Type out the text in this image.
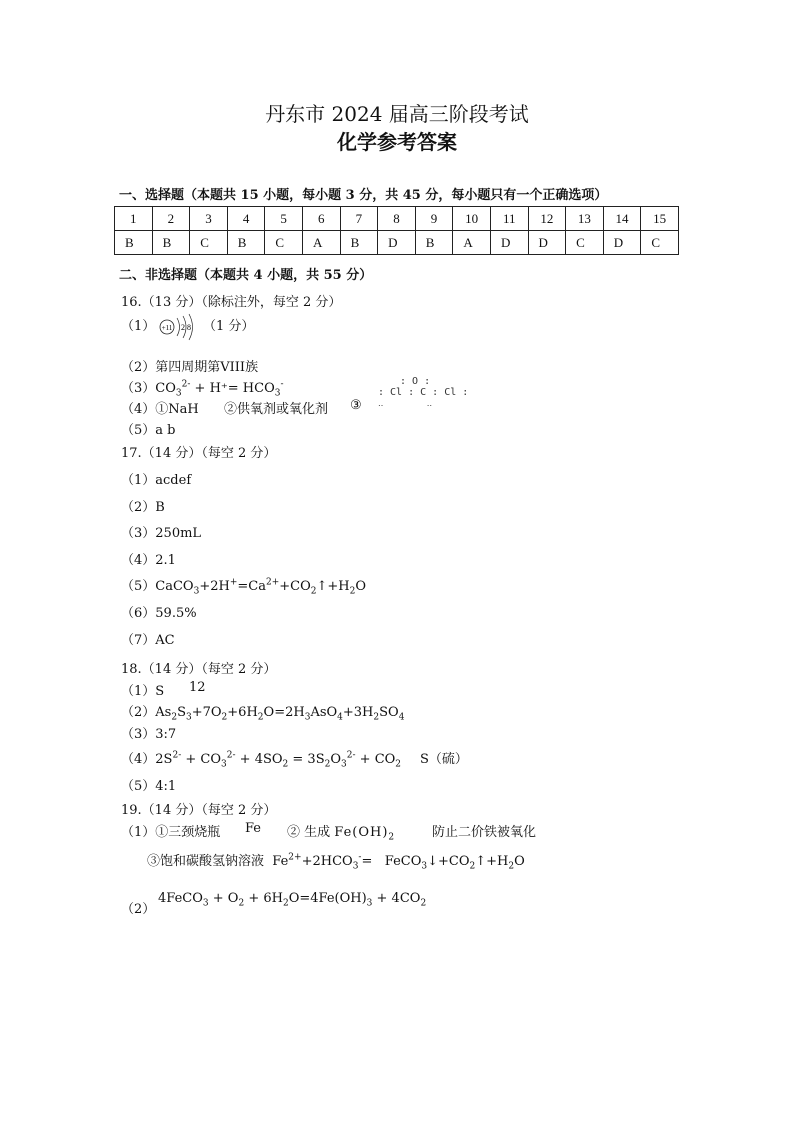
丹东市 2024 届高三阶段考试
化学参考答案
一、选择题（本题共 15 小题，每小题 3 分，共 45 分，每小题只有一个正确选项）
1	2	3	4	5	6	7	8	9	10	11	12	13	14	15
B	B	C	B	C	A	B	D	B	A	D	D	C	D	C
二、非选择题（本题共 4 小题，共 55 分）
16.（13 分）（除标注外，每空 2 分）
（1） +11 2 8 （1 分）
（2）第四周期第VIII族
$(3)CO_3^{2-} + H^+= HCO_3^-$
（4）①NaH ②供氧剂或氧化剂 ③
: O :
: Cl : C : Cl :
‥         ‥
（5）a b
17.（14 分）（每空 2 分）
（1）acdef
（2）B
（3）250mL
（4）2.1
$(5)CaCO_3+2H^+=Ca^{2+}+CO_2↑+H_2O$
（6）59.5%
（7）AC
18.（14 分）（每空 2 分）
（1）S 12
$(2)As_2S_3+7O_2+6H_2O=2H_3AsO_4+3H_2SO_4$
（3）3:7
$(4)2S^{2-} + CO_3^{2-} + 4SO_2 = 3S_2O_3^{2-} + CO_2$ S（硫）
（5）4:1
19.（14 分）（每空 2 分）
（1）①三颈烧瓶 Fe ② 生成 $Fe(OH)_2$	防止二价铁被氧化
③饱和碳酸氢钠溶液  $Fe^{2+}+2HCO_3^-=$   $FeCO_3↓+CO_2↑+H_2O$
（2）
4FeCO$_3$ + $O_2 + 6H_2O=4Fe(OH)_3 + 4CO_2$
